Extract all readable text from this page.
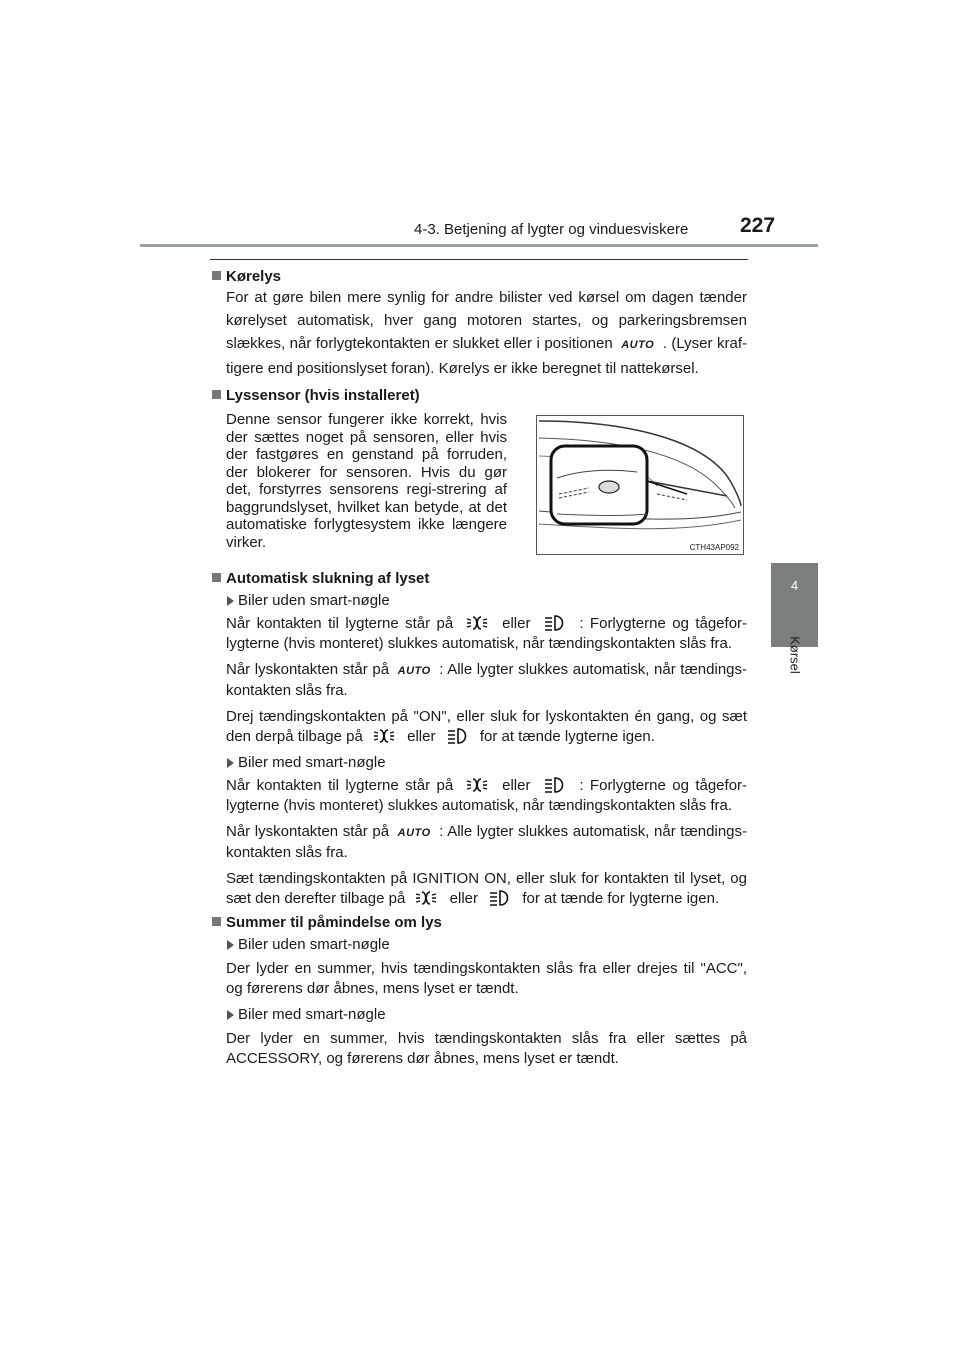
4-3. Betjening af lygter og vinduesviskere 227
4
Kørsel
Kørelys
For at gøre bilen mere synlig for andre bilister ved kørsel om dagen tænder kørelyset automatisk, hver gang motoren startes, og parkeringsbremsen slækkes, når forlygtekontakten er slukket eller i positionen AUTO . (Lyser kraf-tigere end positionslyset foran). Kørelys er ikke beregnet til nattekørsel.
Lyssensor (hvis installeret)
Denne sensor fungerer ikke korrekt, hvis der sættes noget på sensoren, eller hvis der fastgøres en genstand på forruden, der blokerer for sensoren. Hvis du gør det, forstyrres sensorens regi-strering af baggrundslyset, hvilket kan betyde, at det automatiske forlygtesystem ikke længere virker.	CTH43AP092
Automatisk slukning af lyset
Biler uden smart-nøgle
Når kontakten til lygterne står på	eller	: Forlygterne og tågefor-lygterne (hvis monteret) slukkes automatisk, når tændingskontakten slås fra.
Når lyskontakten står på AUTO : Alle lygter slukkes automatisk, når tændings-kontakten slås fra.
Drej tændingskontakten på "ON", eller sluk for lyskontakten én gang, og sæt den derpå tilbage på	eller	for at tænde lygterne igen.
Biler med smart-nøgle
Når kontakten til lygterne står på	eller	: Forlygterne og tågefor-lygterne (hvis monteret) slukkes automatisk, når tændingskontakten slås fra.
Når lyskontakten står på AUTO : Alle lygter slukkes automatisk, når tændings-kontakten slås fra.
Sæt tændingskontakten på IGNITION ON, eller sluk for kontakten til lyset, og sæt den derefter tilbage på	eller	for at tænde for lygterne igen.
Summer til påmindelse om lys
Biler uden smart-nøgle
Der lyder en summer, hvis tændingskontakten slås fra eller drejes til "ACC", og førerens dør åbnes, mens lyset er tændt.
Biler med smart-nøgle
Der lyder en summer, hvis tændingskontakten slås fra eller sættes på ACCESSORY, og førerens dør åbnes, mens lyset er tændt.
